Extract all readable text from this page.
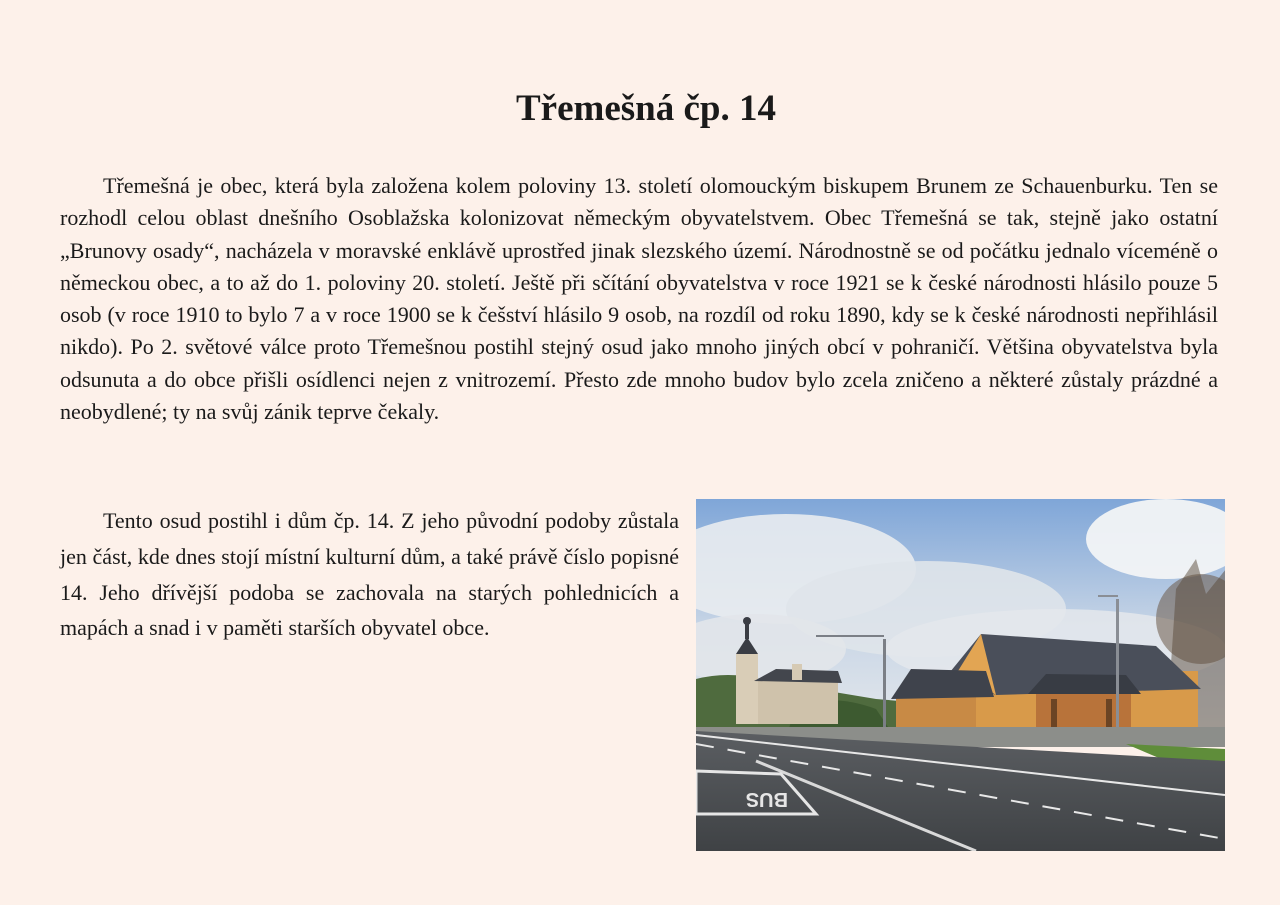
Třemešná čp. 14

Třemešná je obec, která byla založena kolem poloviny 13. století olomouckým biskupem Brunem ze Schauenburku. Ten se rozhodl celou oblast dnešního Osoblažska kolonizovat německým obyvatelstvem. Obec Třemešná se tak, stejně jako ostatní „Brunovy osady“, nacházela v moravské enklávě uprostřed jinak slezského území. Národnostně se od počátku jednalo víceméně o německou obec, a to až do 1. poloviny 20. století. Ještě při sčítání obyvatelstva v roce 1921 se k české národnosti hlásilo pouze 5 osob (v roce 1910 to bylo 7 a v roce 1900 se k češství hlásilo 9 osob, na rozdíl od roku 1890, kdy se k české národnosti nepřihlásil nikdo). Po 2. světové válce proto Třemešnou postihl stejný osud jako mnoho jiných obcí v pohraničí. Většina obyvatelstva byla odsunuta a do obce přišli osídlenci nejen z vnitrozemí. Přesto zde mnoho budov bylo zcela zničeno a některé zůstaly prázdné a neobydlené; ty na svůj zánik teprve čekaly.

Tento osud postihl i dům čp. 14. Z jeho původní podoby zůstala jen část, kde dnes stojí místní kulturní dům, a také právě číslo popisné 14. Jeho dřívější podoba se zachovala na starých pohlednicích a mapách a snad i v paměti starších obyvatel obce.

BUS
